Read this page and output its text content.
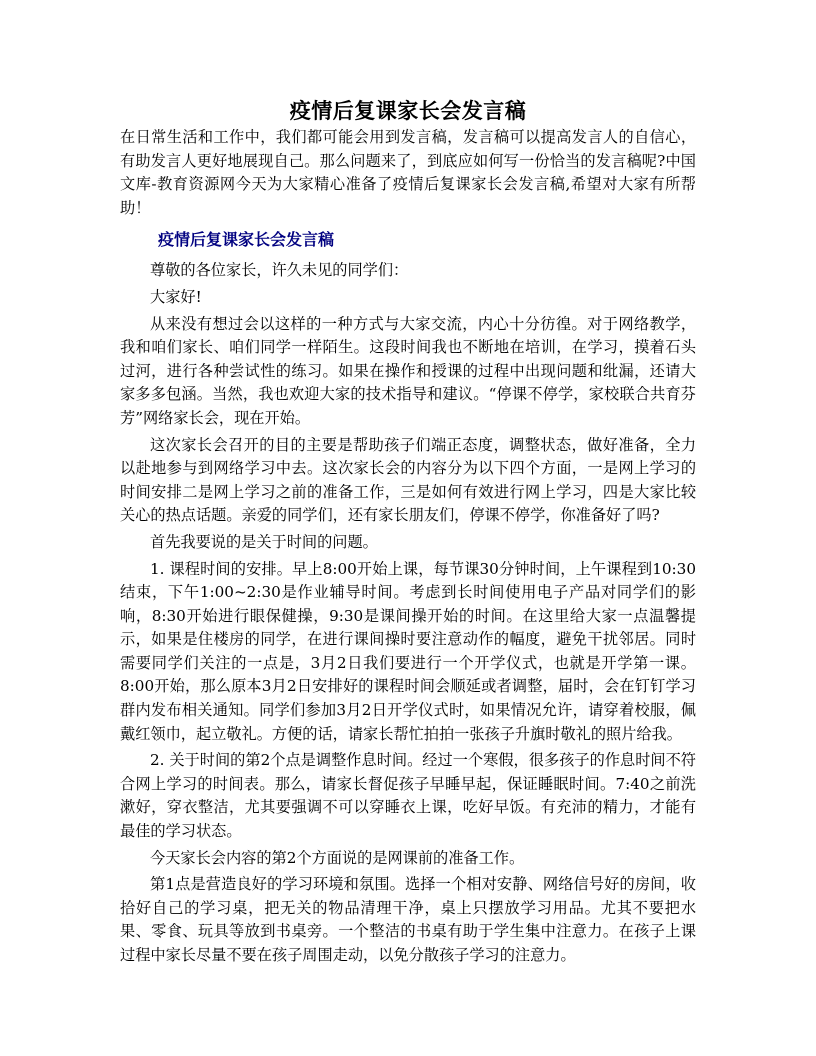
疫情后复课家长会发言稿

在日常生活和工作中，我们都可能会用到发言稿，发言稿可以提高发言人的自信心，有助发言人更好地展现自己。那么问题来了，到底应如何写一份恰当的发言稿呢?中国文库-教育资源网今天为大家精心准备了疫情后复课家长会发言稿,希望对大家有所帮助！

疫情后复课家长会发言稿

尊敬的各位家长，许久未见的同学们：

大家好!

从来没有想过会以这样的一种方式与大家交流，内心十分彷徨。对于网络教学，我和咱们家长、咱们同学一样陌生。这段时间我也不断地在培训，在学习，摸着石头过河，进行各种尝试性的练习。如果在操作和授课的过程中出现问题和纰漏，还请大家多多包涵。当然，我也欢迎大家的技术指导和建议。“停课不停学，家校联合共育芬芳”网络家长会，现在开始。

这次家长会召开的目的主要是帮助孩子们端正态度，调整状态，做好准备，全力以赴地参与到网络学习中去。这次家长会的内容分为以下四个方面，一是网上学习的时间安排二是网上学习之前的准备工作，三是如何有效进行网上学习，四是大家比较关心的热点话题。亲爱的同学们，还有家长朋友们，停课不停学，你准备好了吗?

首先我要说的是关于时间的问题。

1. 课程时间的安排。早上8:00开始上课，每节课30分钟时间，上午课程到10:30结束，下午1:00~2:30是作业辅导时间。考虑到长时间使用电子产品对同学们的影响，8:30开始进行眼保健操，9:30是课间操开始的时间。在这里给大家一点温馨提示，如果是住楼房的同学，在进行课间操时要注意动作的幅度，避免干扰邻居。同时需要同学们关注的一点是，3月2日我们要进行一个开学仪式，也就是开学第一课。8:00开始，那么原本3月2日安排好的课程时间会顺延或者调整，届时，会在钉钉学习群内发布相关通知。同学们参加3月2日开学仪式时，如果情况允许，请穿着校服，佩戴红领巾，起立敬礼。方便的话，请家长帮忙拍拍一张孩子升旗时敬礼的照片给我。

2. 关于时间的第2个点是调整作息时间。经过一个寒假，很多孩子的作息时间不符合网上学习的时间表。那么，请家长督促孩子早睡早起，保证睡眠时间。7:40之前洗漱好，穿衣整洁，尤其要强调不可以穿睡衣上课，吃好早饭。有充沛的精力，才能有最佳的学习状态。

今天家长会内容的第2个方面说的是网课前的准备工作。

第1点是营造良好的学习环境和氛围。选择一个相对安静、网络信号好的房间，收拾好自己的学习桌，把无关的物品清理干净，桌上只摆放学习用品。尤其不要把水果、零食、玩具等放到书桌旁。一个整洁的书桌有助于学生集中注意力。在孩子上课过程中家长尽量不要在孩子周围走动，以免分散孩子学习的注意力。
